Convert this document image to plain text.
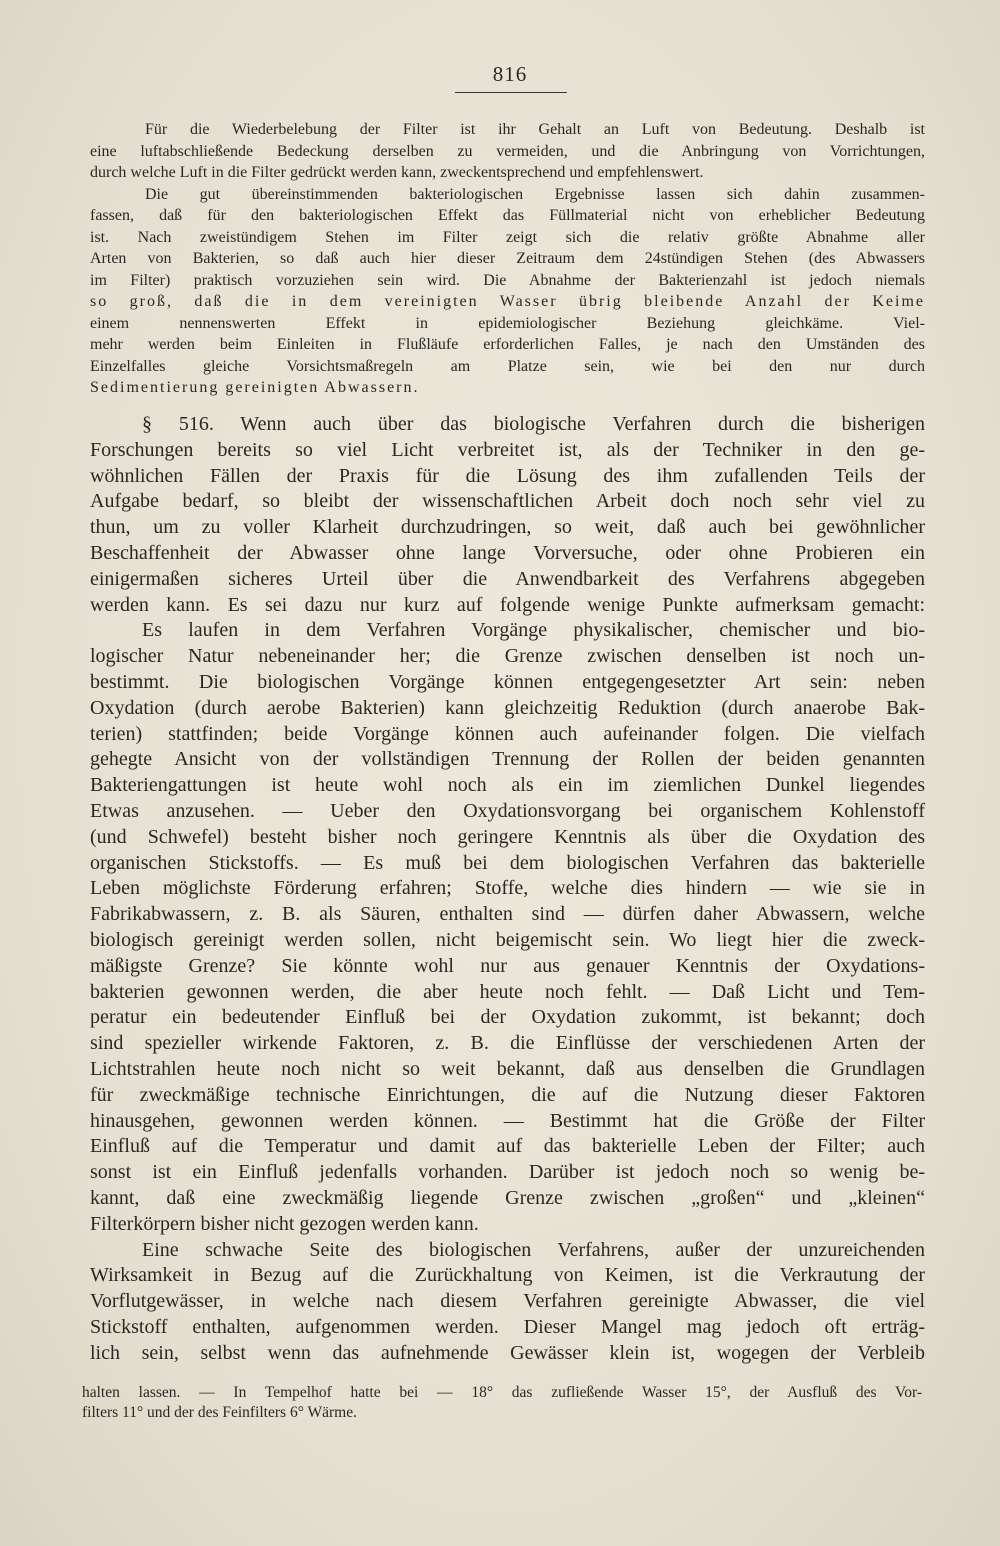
816
Für die Wiederbelebung der Filter ist ihr Gehalt an Luft von Bedeutung. Deshalb ist
eine luftabschließende Bedeckung derselben zu vermeiden, und die Anbringung von Vorrichtungen,
durch welche Luft in die Filter gedrückt werden kann, zweckentsprechend und empfehlenswert.
Die gut übereinstimmenden bakteriologischen Ergebnisse lassen sich dahin zusammen-
fassen, daß für den bakteriologischen Effekt das Füllmaterial nicht von erheblicher Bedeutung
ist. Nach zweistündigem Stehen im Filter zeigt sich die relativ größte Abnahme aller
Arten von Bakterien, so daß auch hier dieser Zeitraum dem 24stündigen Stehen (des Abwassers
im Filter) praktisch vorzuziehen sein wird. Die Abnahme der Bakterienzahl ist jedoch niemals
so groß, daß die in dem vereinigten Wasser übrig bleibende Anzahl der Keime
einem nennenswerten Effekt in epidemiologischer Beziehung gleichkäme. Viel-
mehr werden beim Einleiten in Flußläufe erforderlichen Falles, je nach den Umständen des
Einzelfalles gleiche Vorsichtsmaßregeln am Platze sein, wie bei den nur durch
Sedimentierung gereinigten Abwassern.
§ 516. Wenn auch über das biologische Verfahren durch die bisherigen
Forschungen bereits so viel Licht verbreitet ist, als der Techniker in den ge-
wöhnlichen Fällen der Praxis für die Lösung des ihm zufallenden Teils der
Aufgabe bedarf, so bleibt der wissenschaftlichen Arbeit doch noch sehr viel zu
thun, um zu voller Klarheit durchzudringen, so weit, daß auch bei gewöhnlicher
Beschaffenheit der Abwasser ohne lange Vorversuche, oder ohne Probieren ein
einigermaßen sicheres Urteil über die Anwendbarkeit des Verfahrens abgegeben
werden kann. Es sei dazu nur kurz auf folgende wenige Punkte aufmerksam gemacht:
Es laufen in dem Verfahren Vorgänge physikalischer, chemischer und bio-
logischer Natur nebeneinander her; die Grenze zwischen denselben ist noch un-
bestimmt. Die biologischen Vorgänge können entgegengesetzter Art sein: neben
Oxydation (durch aerobe Bakterien) kann gleichzeitig Reduktion (durch anaerobe Bak-
terien) stattfinden; beide Vorgänge können auch aufeinander folgen. Die vielfach
gehegte Ansicht von der vollständigen Trennung der Rollen der beiden genannten
Bakteriengattungen ist heute wohl noch als ein im ziemlichen Dunkel liegendes
Etwas anzusehen. — Ueber den Oxydationsvorgang bei organischem Kohlenstoff
(und Schwefel) besteht bisher noch geringere Kenntnis als über die Oxydation des
organischen Stickstoffs. — Es muß bei dem biologischen Verfahren das bakterielle
Leben möglichste Förderung erfahren; Stoffe, welche dies hindern — wie sie in
Fabrikabwassern, z. B. als Säuren, enthalten sind — dürfen daher Abwassern, welche
biologisch gereinigt werden sollen, nicht beigemischt sein. Wo liegt hier die zweck-
mäßigste Grenze? Sie könnte wohl nur aus genauer Kenntnis der Oxydations-
bakterien gewonnen werden, die aber heute noch fehlt. — Daß Licht und Tem-
peratur ein bedeutender Einfluß bei der Oxydation zukommt, ist bekannt; doch
sind spezieller wirkende Faktoren, z. B. die Einflüsse der verschiedenen Arten der
Lichtstrahlen heute noch nicht so weit bekannt, daß aus denselben die Grundlagen
für zweckmäßige technische Einrichtungen, die auf die Nutzung dieser Faktoren
hinausgehen, gewonnen werden können. — Bestimmt hat die Größe der Filter
Einfluß auf die Temperatur und damit auf das bakterielle Leben der Filter; auch
sonst ist ein Einfluß jedenfalls vorhanden. Darüber ist jedoch noch so wenig be-
kannt, daß eine zweckmäßig liegende Grenze zwischen „großen“ und „kleinen“
Filterkörpern bisher nicht gezogen werden kann.
Eine schwache Seite des biologischen Verfahrens, außer der unzureichenden
Wirksamkeit in Bezug auf die Zurückhaltung von Keimen, ist die Verkrautung der
Vorflutgewässer, in welche nach diesem Verfahren gereinigte Abwasser, die viel
Stickstoff enthalten, aufgenommen werden. Dieser Mangel mag jedoch oft erträg-
lich sein, selbst wenn das aufnehmende Gewässer klein ist, wogegen der Verbleib
halten lassen. — In Tempelhof hatte bei — 18° das zufließende Wasser 15°, der Ausfluß des Vor-
filters 11° und der des Feinfilters 6° Wärme.
